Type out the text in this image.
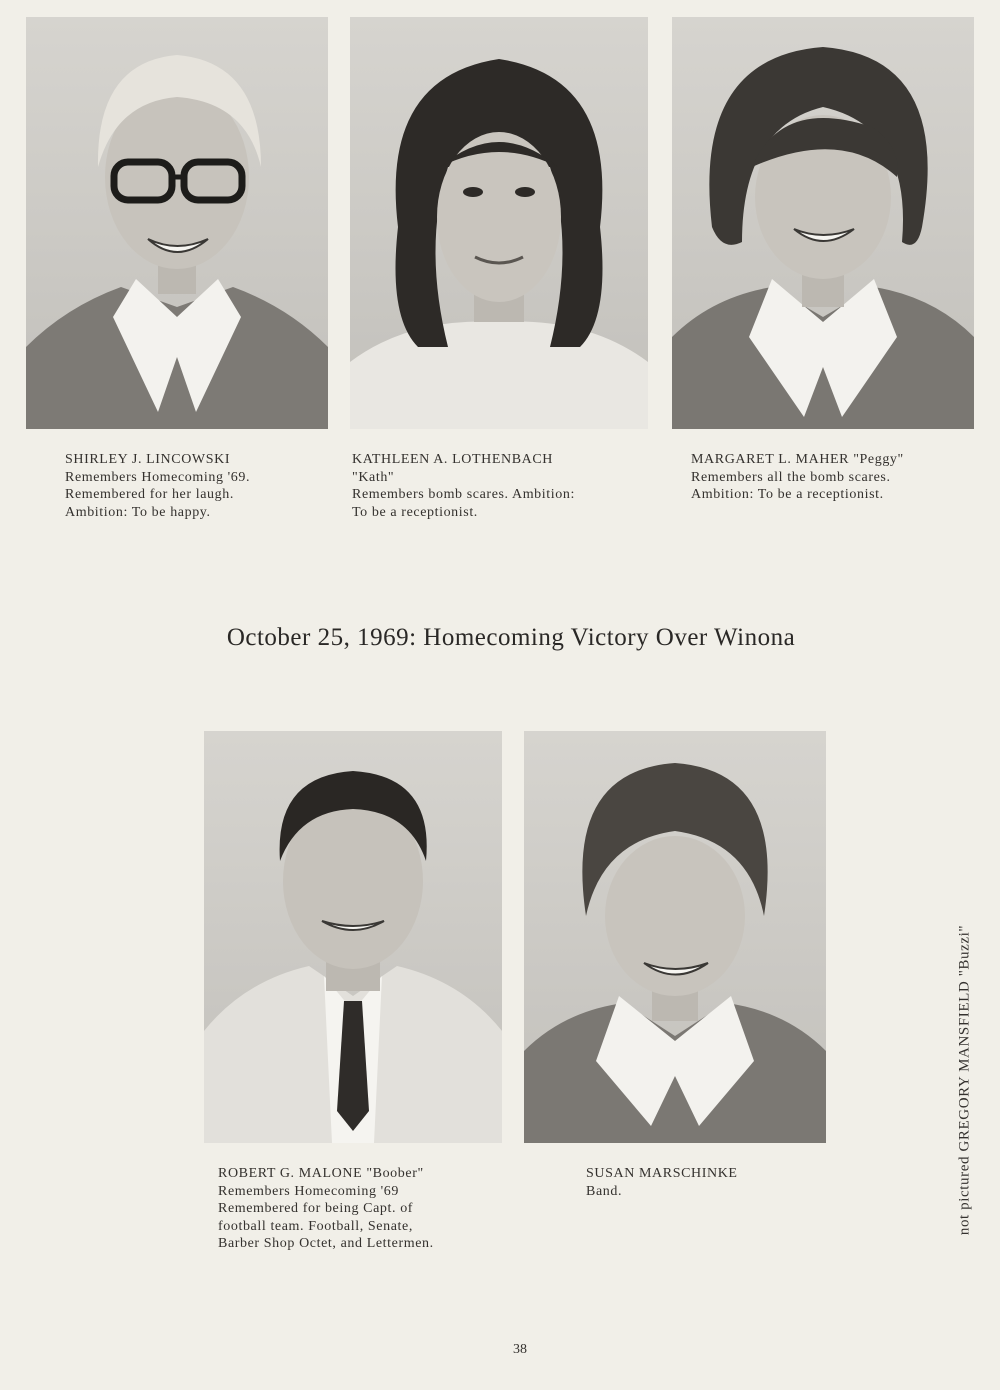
SHIRLEY J. LINCOWSKI
Remembers Homecoming '69.
Remembered for her laugh.
Ambition: To be happy.
KATHLEEN A. LOTHENBACH
"Kath"
Remembers bomb scares. Ambition:
To be a receptionist.
MARGARET L. MAHER "Peggy"
Remembers all the bomb scares.
Ambition: To be a receptionist.
October 25, 1969: Homecoming Victory Over Winona
ROBERT G. MALONE "Boober"
Remembers Homecoming '69
Remembered for being Capt. of
football team. Football, Senate,
Barber Shop Octet, and Lettermen.
SUSAN MARSCHINKE
Band.	not pictured GREGORY MANSFIELD "Buzzi"
38
